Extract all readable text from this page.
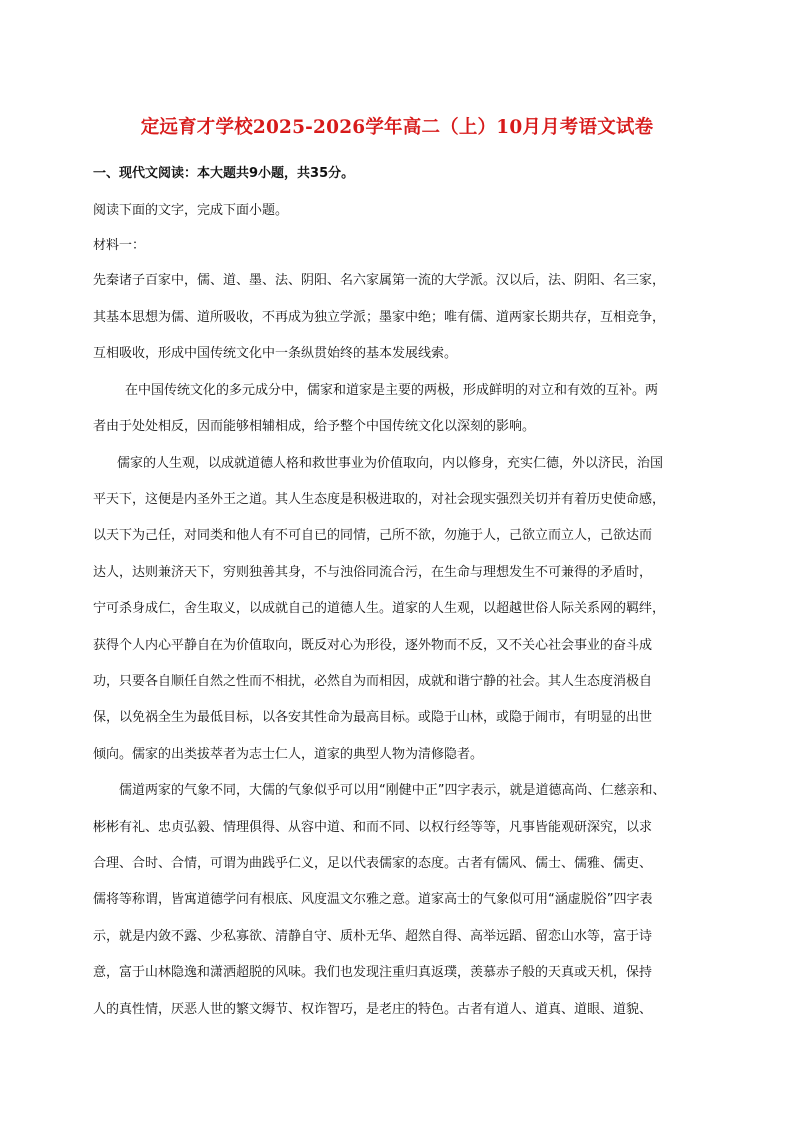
定远育才学校2025-2026学年高二（上）10月月考语文试卷
一、现代文阅读：本大题共9小题，共35分。
阅读下面的文字，完成下面小题。
材料一：
先秦诸子百家中，儒、道、墨、法、阴阳、名六家属第一流的大学派。汉以后，法、阴阳、名三家，
其基本思想为儒、道所吸收，不再成为独立学派；墨家中绝；唯有儒、道两家长期共存，互相竞争，
互相吸收，形成中国传统文化中一条纵贯始终的基本发展线索。
在中国传统文化的多元成分中，儒家和道家是主要的两极，形成鲜明的对立和有效的互补。两
者由于处处相反，因而能够相辅相成，给予整个中国传统文化以深刻的影响。
儒家的人生观，以成就道德人格和救世事业为价值取向，内以修身，充实仁德，外以济民，治国
平天下，这便是内圣外王之道。其人生态度是积极进取的，对社会现实强烈关切并有着历史使命感，
以天下为己任，对同类和他人有不可自已的同情，己所不欲，勿施于人，己欲立而立人，己欲达而
达人，达则兼济天下，穷则独善其身，不与浊俗同流合污，在生命与理想发生不可兼得的矛盾时，
宁可杀身成仁，舍生取义，以成就自己的道德人生。道家的人生观，以超越世俗人际关系网的羁绊，
获得个人内心平静自在为价值取向，既反对心为形役，逐外物而不反，又不关心社会事业的奋斗成
功，只要各自顺任自然之性而不相扰，必然自为而相因，成就和谐宁静的社会。其人生态度消极自
保，以免祸全生为最低目标，以各安其性命为最高目标。或隐于山林，或隐于闹市，有明显的出世
倾向。儒家的出类拔萃者为志士仁人，道家的典型人物为清修隐者。
儒道两家的气象不同，大儒的气象似乎可以用“刚健中正”四字表示，就是道德高尚、仁慈亲和、
彬彬有礼、忠贞弘毅、情理俱得、从容中道、和而不同、以权行经等等，凡事皆能观研深究，以求
合理、合时、合情，可谓为曲践乎仁义，足以代表儒家的态度。古者有儒风、儒士、儒雅、儒吏、
儒将等称谓，皆寓道德学问有根底、风度温文尔雅之意。道家高士的气象似可用“涵虚脱俗”四字表
示，就是内敛不露、少私寡欲、清静自守、质朴无华、超然自得、高举远蹈、留恋山水等，富于诗
意，富于山林隐逸和潇洒超脱的风味。我们也发现注重归真返璞，羡慕赤子般的天真或天机，保持
人的真性情，厌恶人世的繁文缛节、权诈智巧，是老庄的特色。古者有道人、道真、道眼、道貌、
